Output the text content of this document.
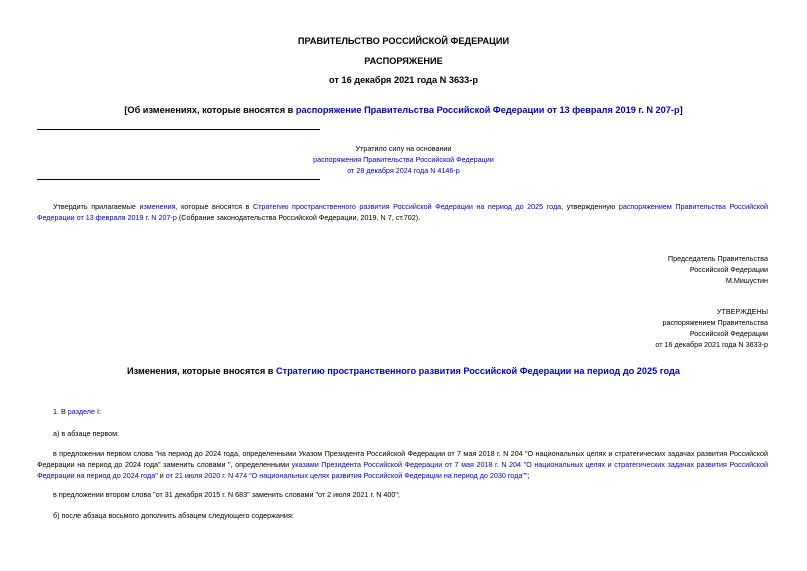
ПРАВИТЕЛЬСТВО РОССИЙСКОЙ ФЕДЕРАЦИИ
РАСПОРЯЖЕНИЕ
от 16 декабря 2021 года N 3633-р
[Об изменениях, которые вносятся в распоряжение Правительства Российской Федерации от 13 февраля 2019 г. N 207-р]
Утратило силу на основании
распоряжения Правительства Российской Федерации
от 28 декабря 2024 года N 4146-р
Утвердить прилагаемые изменения, которые вносятся в Стратегию пространственного развития Российской Федерации на период до 2025 года, утвержденную распоряжением Правительства Российской Федерации от 13 февраля 2019 г. N 207-р (Собрание законодательства Российской Федерации, 2019, N 7, ст.702).
Председатель Правительства
Российской Федерации
М.Мишустин
УТВЕРЖДЕНЫ
распоряжением Правительства
Российской Федерации
от 16 декабря 2021 года N 3633-р
Изменения, которые вносятся в Стратегию пространственного развития Российской Федерации на период до 2025 года
1. В разделе I:
а) в абзаце первом:
в предложении первом слова "на период до 2024 года, определенными Указом Президента Российской Федерации от 7 мая 2018 г. N 204 "О национальных целях и стратегических задачах развития Российской Федерации на период до 2024 года" заменить словами ", определенными указами Президента Российской Федерации от 7 мая 2018 г. N 204 "О национальных целях и стратегических задачах развития Российской Федерации на период до 2024 года" и от 21 июля 2020 г. N 474 "О национальных целях развития Российской Федерации на период до 2030 года"";
в предложении втором слова "от 31 декабря 2015 г. N 683" заменить словами "от 2 июля 2021 г. N 400";
б) после абзаца восьмого дополнить абзацем следующего содержания:
